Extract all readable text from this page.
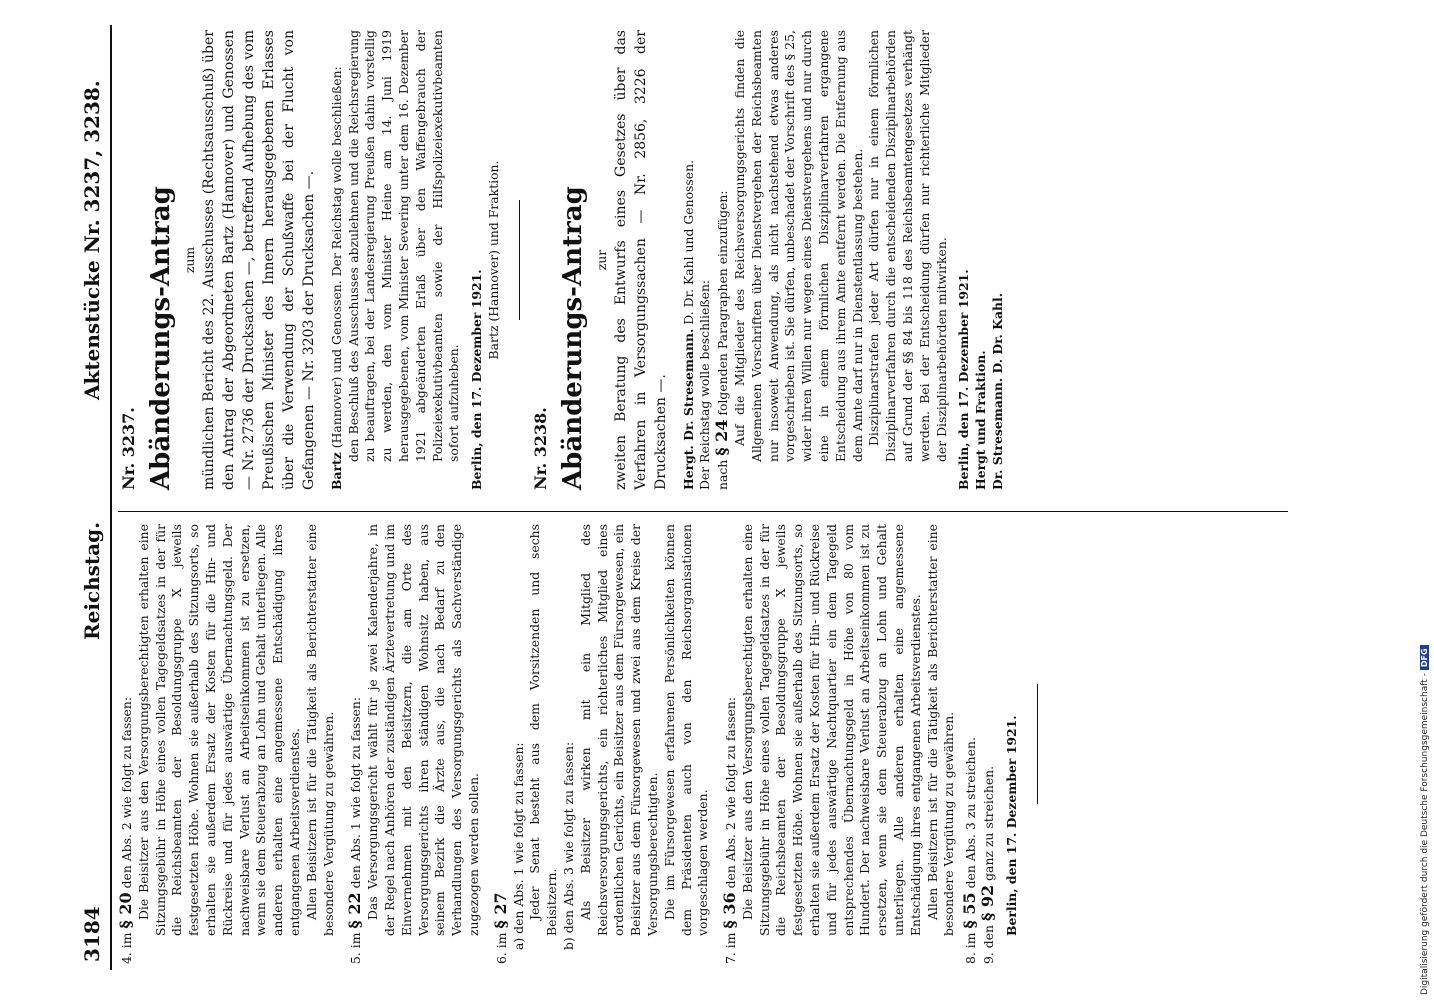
3184
Reichstag.
Aktenstücke Nr. 3237, 3238.

4. im § 20 den Abs. 2 wie folgt zu fassen: Die Beisitzer aus den Versorgungsberechtigten erhalten eine Sitzungsgebühr in Höhe eines vollen Tagegeldsatzes in der für die Reichsbeamten der Besoldungsgruppe X jeweils festgesetzten Höhe. Wohnen sie außerhalb des Sitzungsorts, so erhalten sie außerdem Ersatz der Kosten für die Hin- und Rückreise und für jedes auswärtige Übernachtungsgeld. Der nachweisbare Verlust an Arbeitseinkommen ist zu ersetzen, wenn sie dem Steuerabzug an Lohn und Gehalt unterliegen. Alle anderen erhalten eine angemessene Entschädigung ihres entgangenen Arbeitsverdienstes. Allen Beisitzern ist für die Tätigkeit als Berichterstatter eine besondere Vergütung zu gewähren.

5. im § 22 den Abs. 1 wie folgt zu fassen: Das Versorgungsgericht wählt für je zwei Kalenderjahre, in der Regel nach Anhören der zuständigen Ärztevertretung und im Einvernehmen mit den Beisitzern, die am Orte des Versorgungsgerichts ihren ständigen Wohnsitz haben, aus seinem Bezirk die Ärzte aus, die nach Bedarf zu den Verhandlungen des Versorgungsgerichts als Sachverständige zugezogen werden sollen.

6. im § 27 a) den Abs. 1 wie folgt zu fassen: Jeder Senat besteht aus dem Vorsitzenden und sechs Beisitzern. b) den Abs. 3 wie folgt zu fassen: Als Beisitzer wirken mit ein Mitglied des Reichsversorgungsgerichts, ein richterliches Mitglied eines ordentlichen Gerichts, ein Beisitzer aus dem Fürsorgewesen, ein Beisitzer aus dem Fürsorgewesen und zwei aus dem Kreise der Versorgungsberechtigten. Die im Fürsorgewesen erfahrenen Persönlichkeiten können dem Präsidenten auch von den Reichsorganisationen vorgeschlagen werden.

7. im § 36 den Abs. 2 wie folgt zu fassen: Die Beisitzer aus den Versorgungsberechtigten erhalten eine Sitzungsgebühr in Höhe eines vollen Tagegeldsatzes in der für die Reichsbeamten der Besoldungsgruppe X jeweils festgesetzten Höhe. Wohnen sie außerhalb des Sitzungsorts, so erhalten sie außerdem Ersatz der Kosten für Hin- und Rückreise und für jedes auswärtige Nachtquartier ein dem Tagegeld entsprechendes Übernachtungsgeld in Höhe von 80 vom Hundert. Der nachweisbare Verlust an Arbeitseinkommen ist zu ersetzen, wenn sie dem Steuerabzug an Lohn und Gehalt unterliegen. Alle anderen erhalten eine angemessene Entschädigung ihres entgangenen Arbeitsverdienstes. Allen Beisitzern ist für die Tätigkeit als Berichterstatter eine besondere Vergütung zu gewähren.

8. im § 55 den Abs. 3 zu streichen.

9. den § 92 ganz zu streichen. Berlin, den 17. Dezember 1921.

Nr. 3237. Abänderungs-Antrag zum mündlichen Bericht des 22. Ausschusses (Rechtsausschuß) über den Antrag der Abgeordneten Bartz (Hannover) und Genossen — Nr. 2736 der Drucksachen —, betreffend Aufhebung des vom Preußischen Minister des Innern herausgegebenen Erlasses über die Verwendung der Schußwaffe bei der Flucht von Gefangenen — Nr. 3203 der Drucksachen —. Bartz (Hannover) und Genossen. Der Reichstag wolle beschließen: den Beschluß des Ausschusses abzulehnen und die Reichsregierung zu beauftragen, bei der Landesregierung Preußen dahin vorstellig zu werden, den vom Minister Heine am 14. Juni 1919 herausgegebenen, vom Minister Severing unter dem 16. Dezember 1921 abgeänderten Erlaß über den Waffengebrauch der Polizeiexekutivbeamten sowie der Hilfspolizeiexekutivbeamten sofort aufzuheben. Berlin, den 17. Dezember 1921.

Bartz (Hannover) und Fraktion.

Nr. 3238. Abänderungs-Antrag zur zweiten Beratung des Entwurfs eines Gesetzes über das Verfahren in Versorgungssachen — Nr. 2856, 3226 der Drucksachen —. Hergt. Dr. Stresemann. D. Dr. Kahl und Genossen.

Der Reichstag wolle beschließen: nach § 24 folgenden Paragraphen einzufügen: Auf die Mitglieder des Reichsversorgungsgerichts finden die Allgemeinen Vorschriften über Dienstvergehen der Reichsbeamten nur insoweit Anwendung, als nicht nachstehend etwas anderes vorgeschrieben ist. Sie dürfen, unbeschadet der Vorschrift des § 25, wider ihren Willen nur wegen eines Dienstvergehens und nur durch eine in einem förmlichen Disziplinarverfahren ergangene Entscheidung aus ihrem Amte entfernt werden. Die Entfernung aus dem Amte darf nur in Dienstentlassung bestehen. Disziplinarstrafen jeder Art dürfen nur in einem förmlichen Disziplinarverfahren durch die entscheidenden Disziplinarbehörden auf Grund der §§ 84 bis 118 des Reichsbeamtengesetzes verhängt werden. Bei der Entscheidung dürfen nur richterliche Mitglieder der Disziplinarbehörden mitwirken. Berlin, den 17. Dezember 1921. Hergt und Fraktion. Dr. Stresemann. D. Dr. Kahl.

Digitalisierung gefördert durch die Deutsche Forschungsgemeinschaft -DFG
